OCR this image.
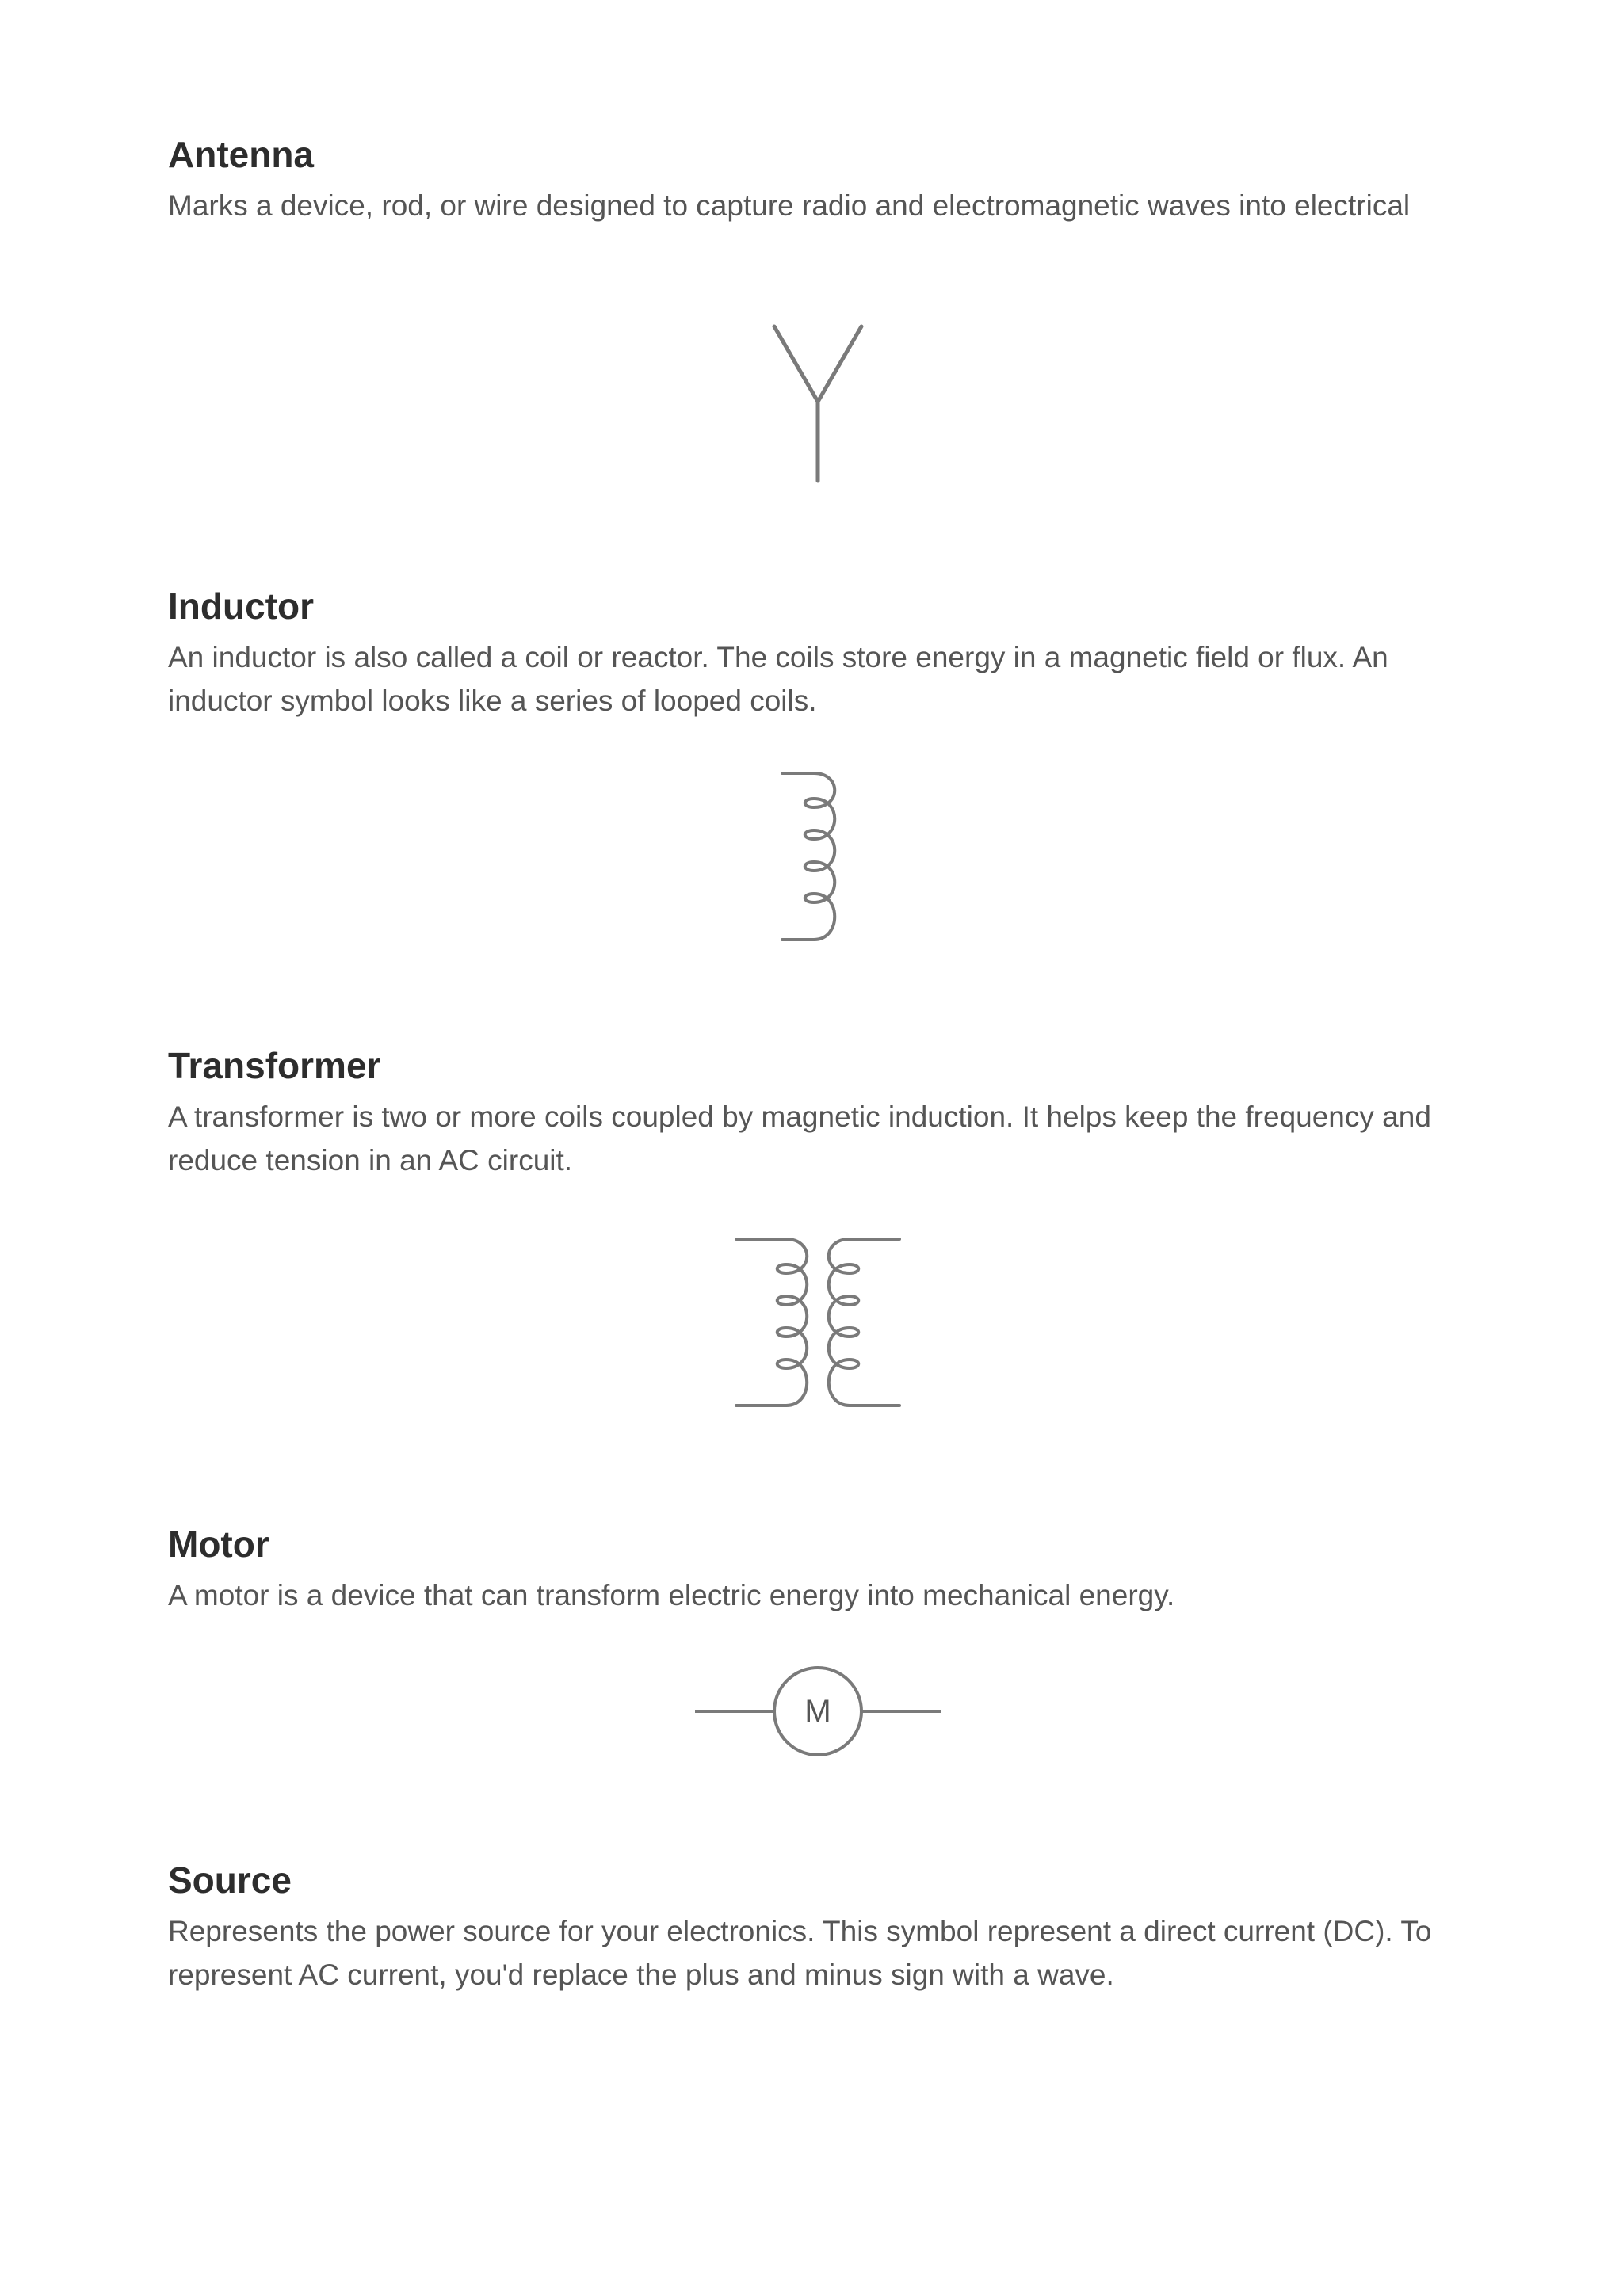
Antenna

Marks a device, rod, or wire designed to capture radio and electromagnetic waves into electrical

Inductor

An inductor is also called a coil or reactor. The coils store energy in a magnetic field or flux. An inductor symbol looks like a series of looped coils.

Transformer

A transformer is two or more coils coupled by magnetic induction. It helps keep the frequency and reduce tension in an AC circuit.

Motor

A motor is a device that can transform electric energy into mechanical energy.

M
Source

Represents the power source for your electronics. This symbol represent a direct current (DC). To represent AC current, you'd replace the plus and minus sign with a wave.
